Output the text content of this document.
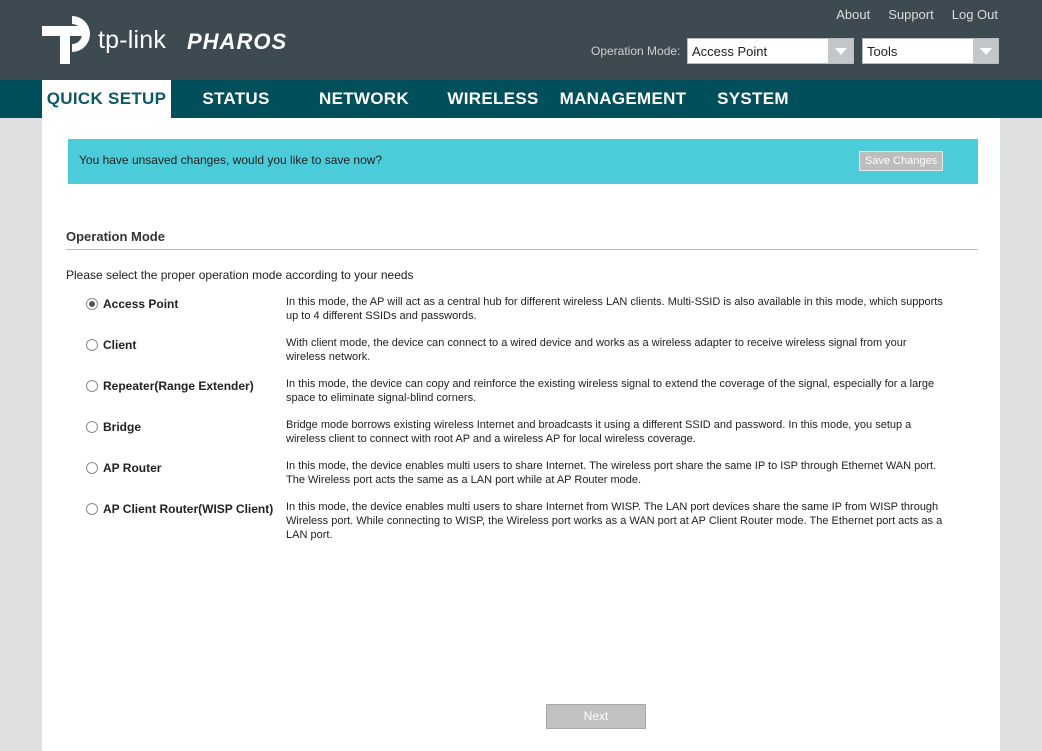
tp-link PHAROS
About Support Log Out
Operation Mode: Access Point	Tools
QUICK SETUP	STATUS	NETWORK	WIRELESS MANAGEMENT	SYSTEM
You have unsaved changes, would you like to save now?	Save Changes
Operation Mode
Please select the proper operation mode according to your needs
Access Point	In this mode, the AP will act as a central hub for different wireless LAN clients. Multi-SSID is also available in this mode, which supports up to 4 different SSIDs and passwords.
Client	With client mode, the device can connect to a wired device and works as a wireless adapter to receive wireless signal from your wireless network.
Repeater(Range Extender)	In this mode, the device can copy and reinforce the existing wireless signal to extend the coverage of the signal, especially for a large space to eliminate signal-blind corners.
Bridge	Bridge mode borrows existing wireless Internet and broadcasts it using a different SSID and password. In this mode, you setup a wireless client to connect with root AP and a wireless AP for local wireless coverage.
AP Router	In this mode, the device enables multi users to share Internet. The wireless port share the same IP to ISP through Ethernet WAN port. The Wireless port acts the same as a LAN port while at AP Router mode.
AP Client Router(WISP Client) In this mode, the device enables multi users to share Internet from WISP. The LAN port devices share the same IP from WISP through Wireless port. While connecting to WISP, the Wireless port works as a WAN port at AP Client Router mode. The Ethernet port acts as a LAN port.
Next
